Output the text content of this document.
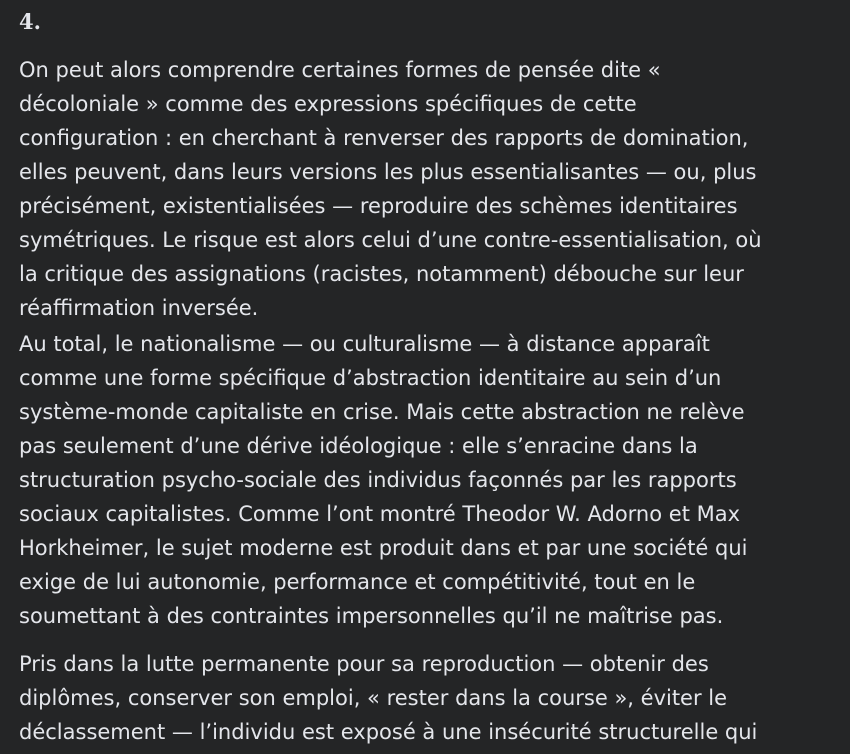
4.
On peut alors comprendre certaines formes de pensée dite «
décoloniale » comme des expressions spécifiques de cette
configuration : en cherchant à renverser des rapports de domination,
elles peuvent, dans leurs versions les plus essentialisantes — ou, plus
précisément, existentialisées — reproduire des schèmes identitaires
symétriques. Le risque est alors celui d’une contre-essentialisation, où
la critique des assignations (racistes, notamment) débouche sur leur
réaffirmation inversée.
Au total, le nationalisme — ou culturalisme — à distance apparaît
comme une forme spécifique d’abstraction identitaire au sein d’un
système-monde capitaliste en crise. Mais cette abstraction ne relève
pas seulement d’une dérive idéologique : elle s’enracine dans la
structuration psycho-sociale des individus façonnés par les rapports
sociaux capitalistes. Comme l’ont montré Theodor W. Adorno et Max
Horkheimer, le sujet moderne est produit dans et par une société qui
exige de lui autonomie, performance et compétitivité, tout en le
soumettant à des contraintes impersonnelles qu’il ne maîtrise pas.
Pris dans la lutte permanente pour sa reproduction — obtenir des
diplômes, conserver son emploi, « rester dans la course », éviter le
déclassement — l’individu est exposé à une insécurité structurelle qui
